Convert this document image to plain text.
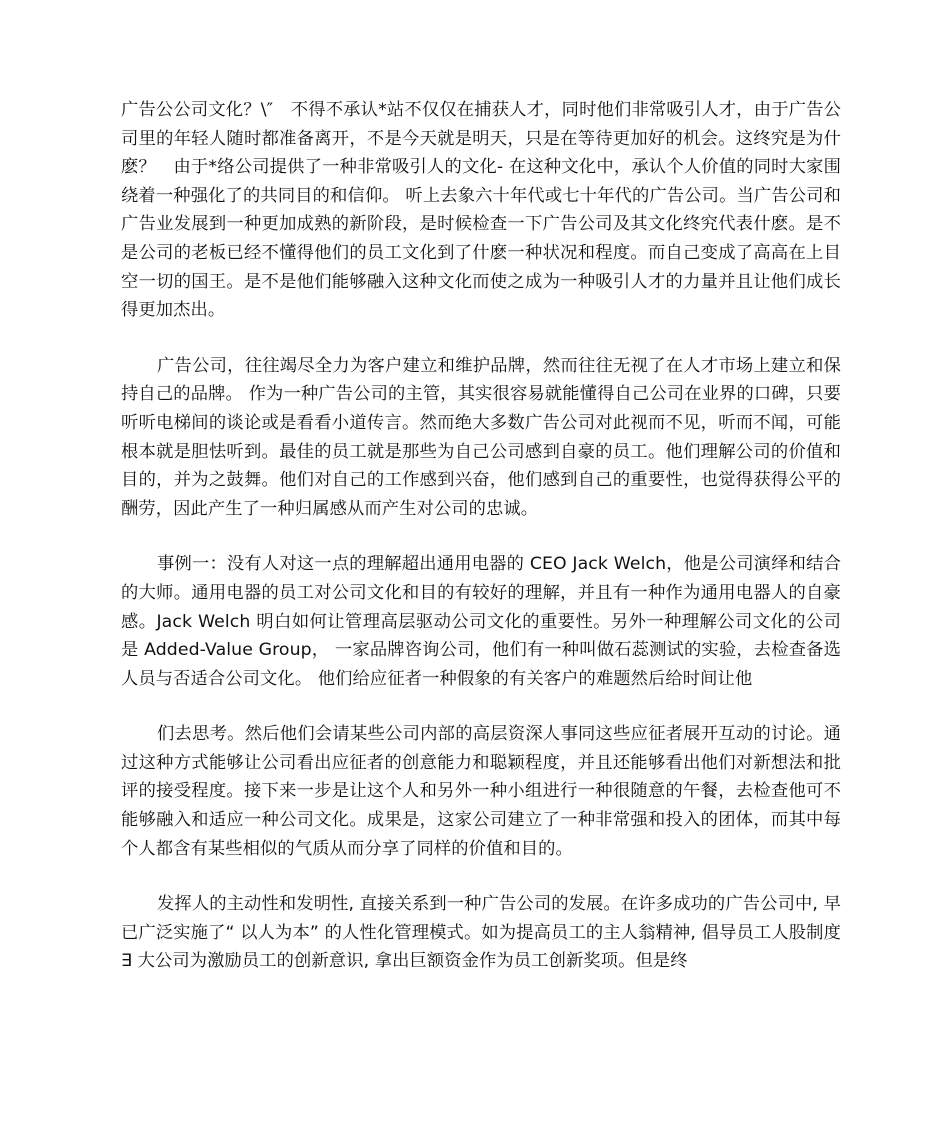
广告公公司文化？\″　不得不承认*站不仅仅在捕获人才，同时他们非常吸引人才，由于广告公司里的年轻人随时都准备离开，不是今天就是明天，只是在等待更加好的机会。这终究是为什麽？　由于*络公司提供了一种非常吸引人的文化- 在这种文化中，承认个人价值的同时大家围绕着一种强化了的共同目的和信仰。 听上去象六十年代或七十年代的广告公司。当广告公司和广告业发展到一种更加成熟的新阶段，是时候检查一下广告公司及其文化终究代表什麽。是不是公司的老板已经不懂得他们的员工文化到了什麽一种状况和程度。而自己变成了高高在上目空一切的国王。是不是他们能够融入这种文化而使之成为一种吸引人才的力量并且让他们成长得更加杰出。

广告公司，往往竭尽全力为客户建立和维护品牌，然而往往无视了在人才市场上建立和保持自己的品牌。 作为一种广告公司的主管，其实很容易就能懂得自己公司在业界的口碑，只要听听电梯间的谈论或是看看小道传言。然而绝大多数广告公司对此视而不见，听而不闻，可能根本就是胆怯听到。最佳的员工就是那些为自己公司感到自豪的员工。他们理解公司的价值和目的，并为之鼓舞。他们对自己的工作感到兴奋，他们感到自己的重要性，也觉得获得公平的酬劳，因此产生了一种归属感从而产生对公司的忠诚。

事例一：没有人对这一点的理解超出通用电器的 CEO Jack Welch，他是公司演绎和结合的大师。通用电器的员工对公司文化和目的有较好的理解，并且有一种作为通用电器人的自豪感。Jack Welch 明白如何让管理高层驱动公司文化的重要性。另外一种理解公司文化的公司是 Added-Value Group， 一家品牌咨询公司，他们有一种叫做石蕊测试的实验，去检查备选人员与否适合公司文化。 他们给应征者一种假象的有关客户的难题然后给时间让他

们去思考。然后他们会请某些公司内部的高层资深人事同这些应征者展开互动的讨论。通过这种方式能够让公司看出应征者的创意能力和聪颖程度，并且还能够看出他们对新想法和批评的接受程度。接下来一步是让这个人和另外一种小组进行一种很随意的午餐，去检查他可不能够融入和适应一种公司文化。成果是，这家公司建立了一种非常强和投入的团体，而其中每个人都含有某些相似的气质从而分享了同样的价值和目的。

发挥人的主动性和发明性, 直接关系到一种广告公司的发展。在许多成功的广告公司中, 早已广泛实施了“ 以人为本” 的人性化管理模式。如为提高员工的主人翁精神, 倡导员工人股制度∃ 大公司为激励员工的创新意识, 拿出巨额资金作为员工创新奖项。但是终
